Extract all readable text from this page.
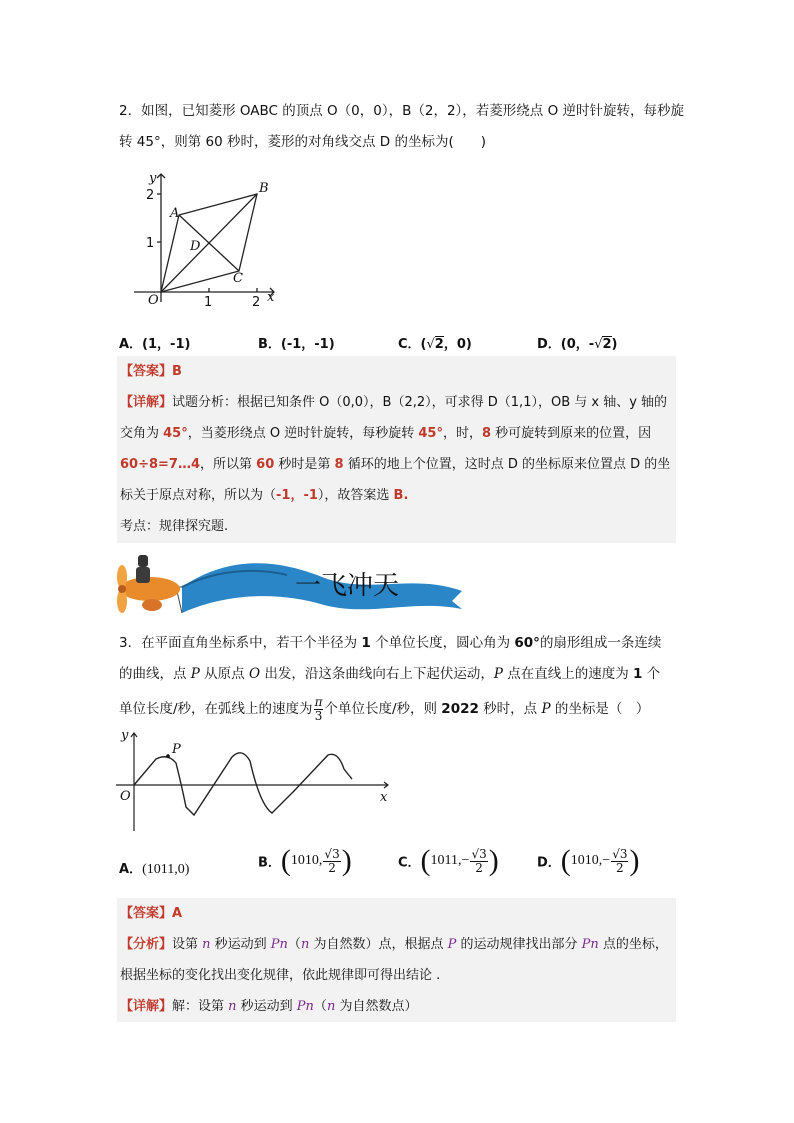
2．如图，已知菱形 OABC 的顶点 O（0，0），B（2，2），若菱形绕点 O 逆时针旋转，每秒旋
转 45°，则第 60 秒时，菱形的对角线交点 D 的坐标为(　　)
y
x
O
A
B
C
D
1
2
1	2
A．(1，-1)	B．(-1，-1)	C．(√2，0)	D．(0，-√2)
【答案】B
【详解】试题分析：根据已知条件 O（0,0），B（2,2），可求得 D（1,1），OB 与 x 轴、y 轴的
交角为 45°，当菱形绕点 O 逆时针旋转，每秒旋转 45°，时，8 秒可旋转到原来的位置，因
60÷8=7…4，所以第 60 秒时是第 8 循环的地上个位置，这时点 D 的坐标原来位置点 D 的坐
标关于原点对称，所以为（-1，-1），故答案选 B.
考点：规律探究题.
一飞冲天
3．在平面直角坐标系中，若干个半径为 1 个单位长度，圆心角为 60°的扇形组成一条连续
的曲线，点 P 从原点 O 出发，沿这条曲线向右上下起伏运动，P 点在直线上的速度为 1 个
单位长度/秒，在弧线上的速度为 $\frac{\pi}{3}$ 个单位长度/秒，则 2022 秒时，点 P 的坐标是（　）
y
x
O
P
A．(1011,0)	B．(1010, $\frac{√3}{2}$ )	C．($1011,- \frac{√3}{2}$ )	D．($1010,- \frac{√3}{2}$ )
【答案】A
【分析】设第 n 秒运动到 Pn（n 为自然数）点，根据点 P 的运动规律找出部分 Pn 点的坐标，
根据坐标的变化找出变化规律，依此规律即可得出结论 .
【详解】解：设第 n 秒运动到 Pn（n 为自然数点）
